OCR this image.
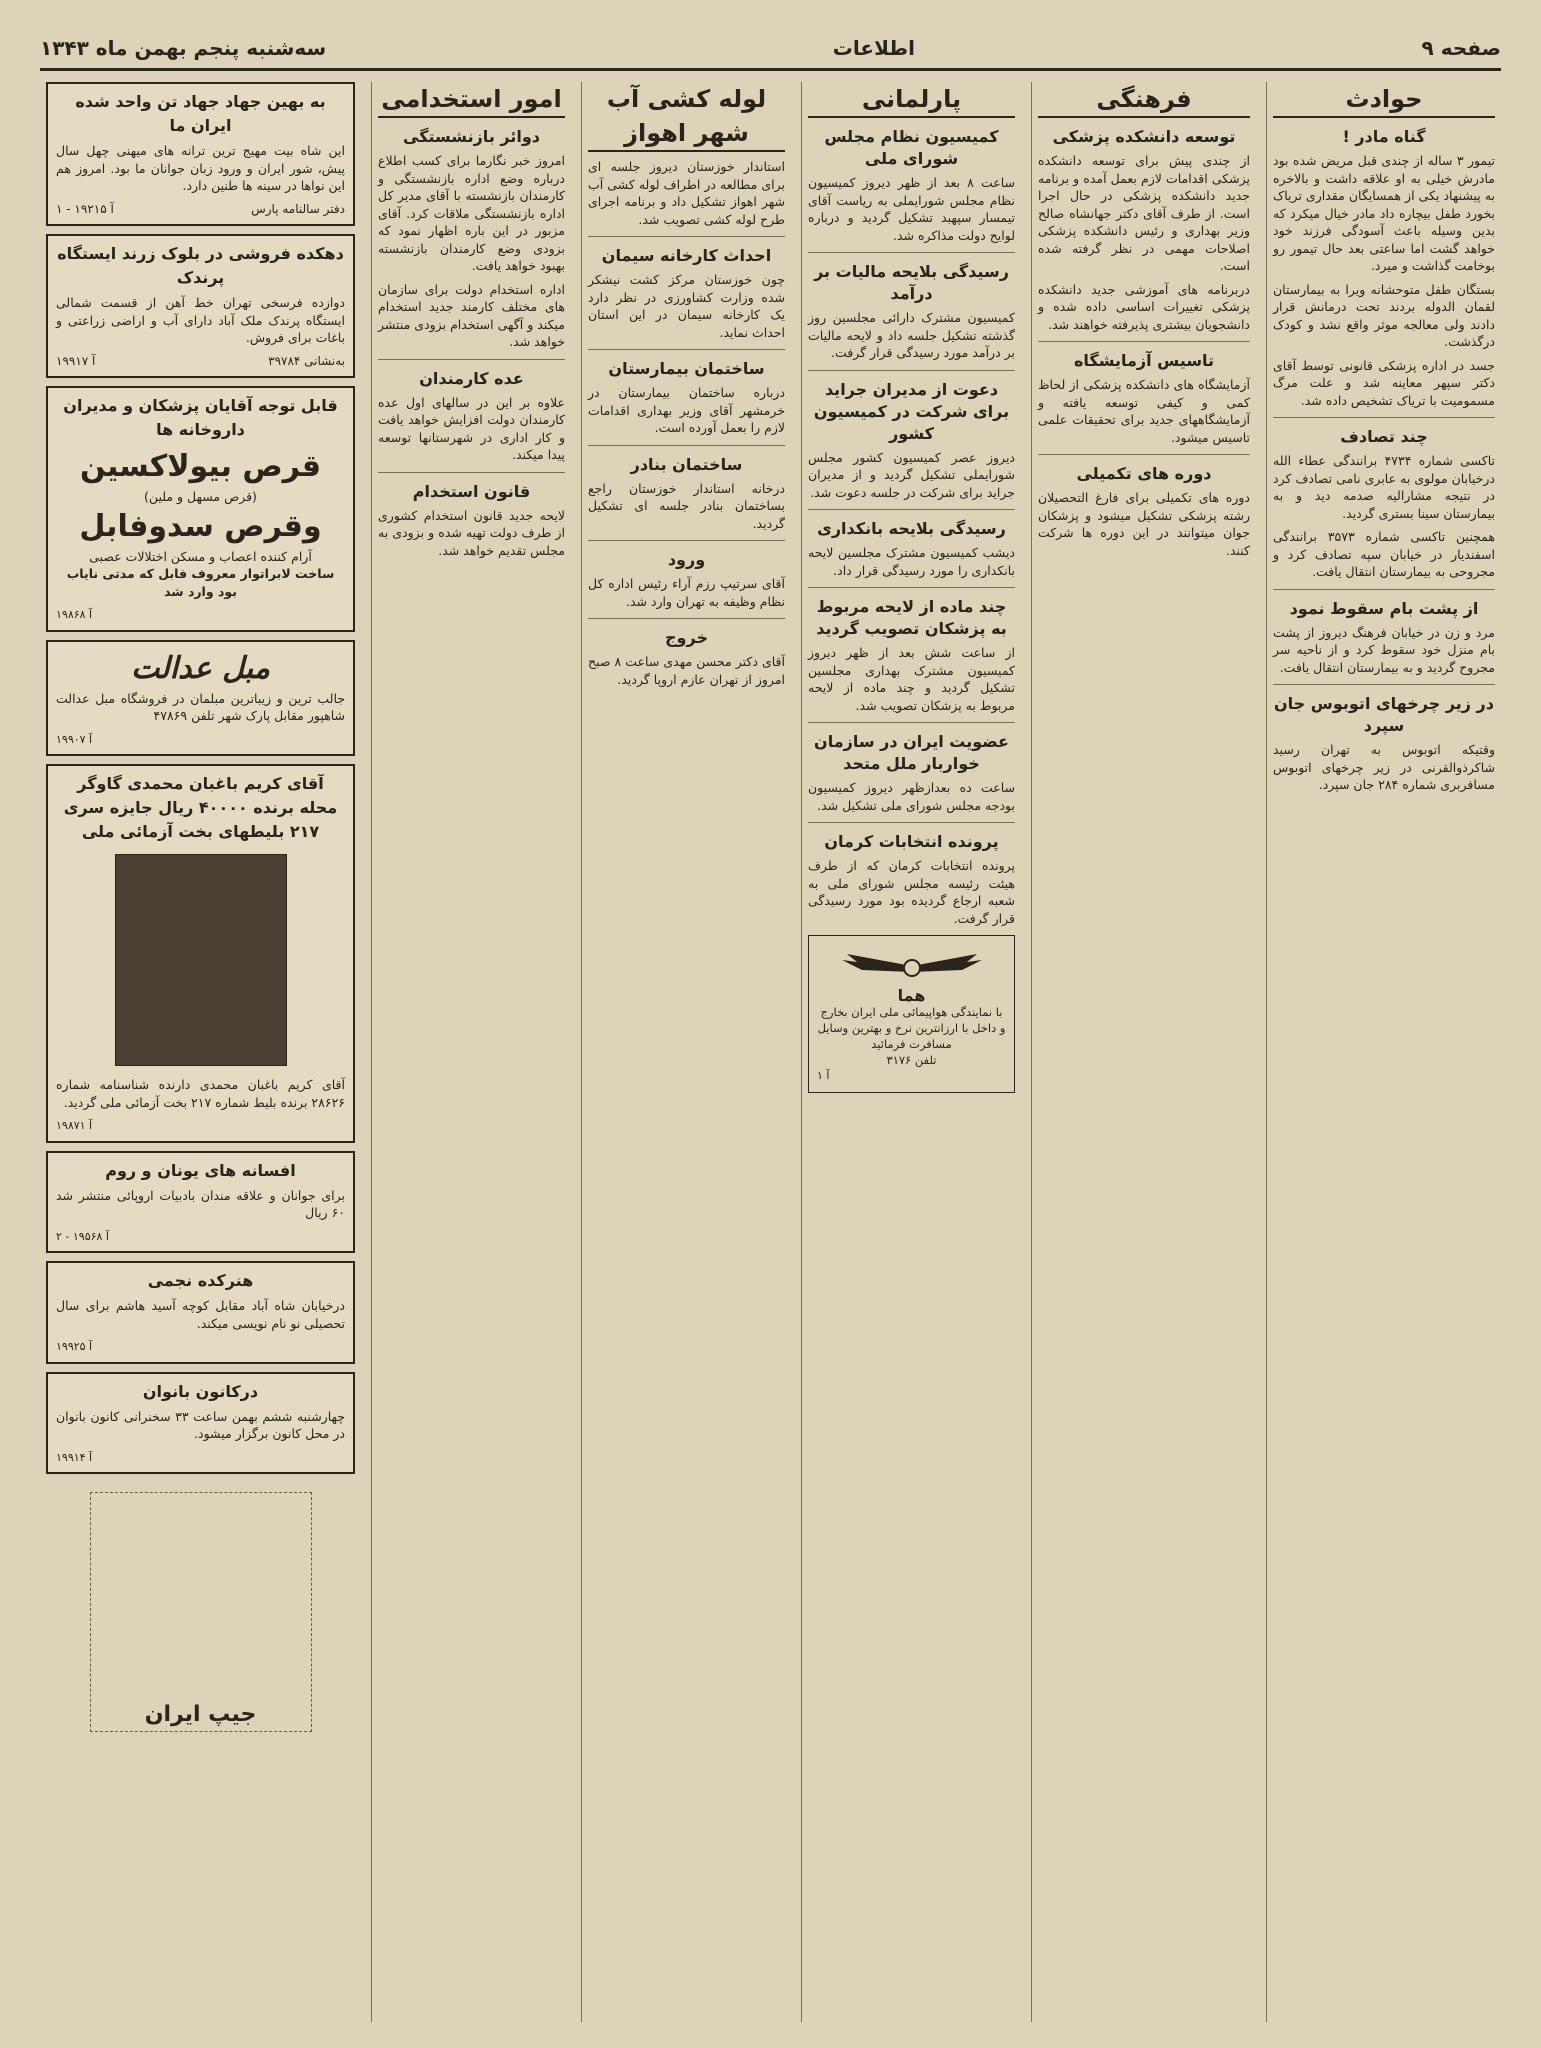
صفحه ۹
اطلاعات
سه‌شنبه پنجم بهمن ماه ۱۳۴۳
حوادث
گناه مادر !

تیمور ۳ ساله از چندی قبل مریض شده بود مادرش خیلی به او علاقه داشت و بالاخره به پیشنهاد یکی از همسایگان مقداری تریاک بخورد طفل بیچاره داد مادر خیال میکرد که بدین وسیله باعث آسودگی فرزند خود خواهد گشت اما ساعتی بعد حال تیمور رو بوخامت گذاشت و میرد.

بستگان طفل متوحشانه ویرا به بیمارستان لقمان الدوله بردند تحت درمانش قرار دادند ولی معالجه موثر واقع نشد و کودک درگذشت.

جسد در اداره پزشکی قانونی توسط آقای دکتر سپهر معاینه شد و علت مرگ مسمومیت با تریاک تشخیص داده شد.

چند تصادف

تاکسی شماره ۴۷۳۴ برانندگی عطاء الله درخیابان مولوی به عابری نامی تصادف کرد در نتیجه مشارالیه صدمه دید و به بیمارستان سینا بستری گردید.

همچنین تاکسی شماره ۳۵۷۳ برانندگی اسفندیار در خیابان سپه تصادف کرد و مجروحی به بیمارستان انتقال یافت.

از پشت بام سقوط نمود

مرد و زن در خیابان فرهنگ دیروز از پشت بام منزل خود سقوط کرد و از ناحیه سر مجروح گردید و به بیمارستان انتقال یافت.

در زیر چرخهای اتوبوس جان سپرد

وقتیکه اتوبوس به تهران رسید شاکرذوالقرنی در زیر چرخهای اتوبوس مسافربری شماره ۲۸۴ جان سپرد.

فرهنگی
توسعه دانشکده پزشکی

از چندی پیش برای توسعه دانشکده پزشکی اقدامات لازم بعمل آمده و برنامه جدید دانشکده پزشکی در حال اجرا است. از طرف آقای دکتر جهانشاه صالح وزیر بهداری و رئیس دانشکده پزشکی اصلاحات مهمی در نظر گرفته شده است.

دربرنامه های آموزشی جدید دانشکده پزشکی تغییرات اساسی داده شده و دانشجویان بیشتری پذیرفته خواهند شد.

تاسیس آزمایشگاه

آزمایشگاه های دانشکده پزشکی از لحاظ کمی و کیفی توسعه یافته و آزمایشگاههای جدید برای تحقیقات علمی تاسیس میشود.

دوره های تکمیلی

دوره های تکمیلی برای فارغ التحصیلان رشته پزشکی تشکیل میشود و پزشکان جوان میتوانند در این دوره ها شرکت کنند.

پارلمانی
کمیسیون نظام مجلس شورای ملی

ساعت ۸ بعد از ظهر دیروز کمیسیون نظام مجلس شورایملی به ریاست آقای تیمسار سپهبد تشکیل گردید و درباره لوایح دولت مذاکره شد.

رسیدگی بلایحه مالیات بر درآمد

کمیسیون مشترک دارائی مجلسین روز گذشته تشکیل جلسه داد و لایحه مالیات بر درآمد مورد رسیدگی قرار گرفت.

دعوت از مدیران جراید برای شرکت در کمیسیون کشور

دیروز عصر کمیسیون کشور مجلس شورایملی تشکیل گردید و از مدیران جراید برای شرکت در جلسه دعوت شد.

رسیدگی بلایحه بانکداری

دیشب کمیسیون مشترک مجلسین لایحه بانکداری را مورد رسیدگی قرار داد.

چند ماده از لایحه مربوط به پزشکان تصویب گردید

از ساعت شش بعد از ظهر دیروز کمیسیون مشترک بهداری مجلسین تشکیل گردید و چند ماده از لایحه مربوط به پزشکان تصویب شد.

عضویت ایران در سازمان خواربار ملل متحد

ساعت ده بعدازظهر دیروز کمیسیون بودجه مجلس شورای ملی تشکیل شد.

پرونده انتخابات کرمان

پرونده انتخابات کرمان که از طرف هیئت رئیسه مجلس شورای ملی به شعبه ارجاع گردیده بود مورد رسیدگی قرار گرفت.

هما
با نمایندگی هواپیمائی ملی ایران بخارج و داخل با ارزانترین نرخ و بهترین وسایل مسافرت فرمائید
تلفن ۳۱۷۶
آ ۱
لوله کشی آب شهر اهواز

استاندار خوزستان دیروز جلسه ای برای مطالعه در اطراف لوله کشی آب شهر اهواز تشکیل داد و برنامه اجرای طرح لوله کشی تصویب شد.

احداث کارخانه سیمان

چون خوزستان مرکز کشت نیشکر شده وزارت کشاورزی در نظر دارد یک کارخانه سیمان در این استان احداث نماید.

ساختمان بیمارستان

درباره ساختمان بیمارستان در خرمشهر آقای وزیر بهداری اقدامات لازم را بعمل آورده است.

ساختمان بنادر

درخانه استاندار خوزستان راجع بساختمان بنادر جلسه ای تشکیل گردید.

ورود

آقای سرتیپ رزم آراء رئیس اداره کل نظام وظیفه به تهران وارد شد.

خروج

آقای دکتر محسن مهدی ساعت ۸ صبح امروز از تهران عازم اروپا گردید.

امور استخدامی
دوائر بازنشستگی

امروز خبر نگارما برای کسب اطلاع درباره وضع اداره بازنشستگی و کارمندان بازنشسته با آقای مدیر کل اداره بازنشستگی ملاقات کرد. آقای مزبور در این باره اظهار نمود که بزودی وضع کارمندان بازنشسته بهبود خواهد یافت.

اداره استخدام دولت برای سازمان های مختلف کارمند جدید استخدام میکند و آگهی استخدام بزودی منتشر خواهد شد.

عده کارمندان

علاوه بر این در سالهای اول عده کارمندان دولت افزایش خواهد یافت و کار اداری در شهرستانها توسعه پیدا میکند.

قانون استخدام

لایحه جدید قانون استخدام کشوری از طرف دولت تهیه شده و بزودی به مجلس تقدیم خواهد شد.

به بهین جهاد جهاد تن واحد شده ایران ما

این شاه بیت مهیج ترین ترانه های میهنی چهل سال پیش، شور ایران و ورود زبان جوانان ما بود. امروز هم این نواها در سینه ها طنین دارد.

دفتر سالنامه پارس
آ ۱۹۲۱۵ - ۱
دهکده فروشی در بلوک زرند ایستگاه پرندک

دوازده فرسخی تهران خط آهن از قسمت شمالی ایستگاه پرندک ملک آباد دارای آب و اراضی زراعتی و باغات برای فروش.

به‌نشانی ۳۹۷۸۴
آ ۱۹۹۱۷
قابل توجه آقایان پزشکان و مدیران داروخانه ها
قرص بیولاکسین
(قرص مسهل و ملین)
وقرص سدوفابل
آرام کننده اعصاب و مسکن اختلالات عصبی

ساخت لابراتوار معروف فابل که مدتی نایاب بود وارد شد

آ ۱۹۸۶۸
مبل عدالت

جالب ترین و زیباترین مبلمان در فروشگاه مبل عدالت شاهپور مقابل پارک شهر تلفن ۴۷۸۶۹

آ ۱۹۹۰۷
آقای کریم باغبان محمدی گاوگر محله برنده ۴۰۰۰۰ ریال جایزه سری ۲۱۷ بلیطهای بخت آزمائی ملی

آقای کریم باغبان محمدی دارنده شناسنامه شماره ۲۸۶۲۶ برنده بلیط شماره ۲۱۷ بخت آزمائی ملی گردید.

آ ۱۹۸۷۱
افسانه های یونان و روم

برای جوانان و علاقه مندان بادبیات اروپائی منتشر شد ۶۰ ریال

آ ۱۹۵۶۸ - ۲
هنرکده نجمی

درخیابان شاه آباد مقابل کوچه آسید هاشم برای سال تحصیلی نو نام نویسی میکند.

آ ۱۹۹۲۵
درکانون بانوان

چهارشنبه ششم بهمن ساعت ۳۳ سخنرانی کانون بانوان در محل کانون برگزار میشود.

آ ۱۹۹۱۴
جیپ ایران
